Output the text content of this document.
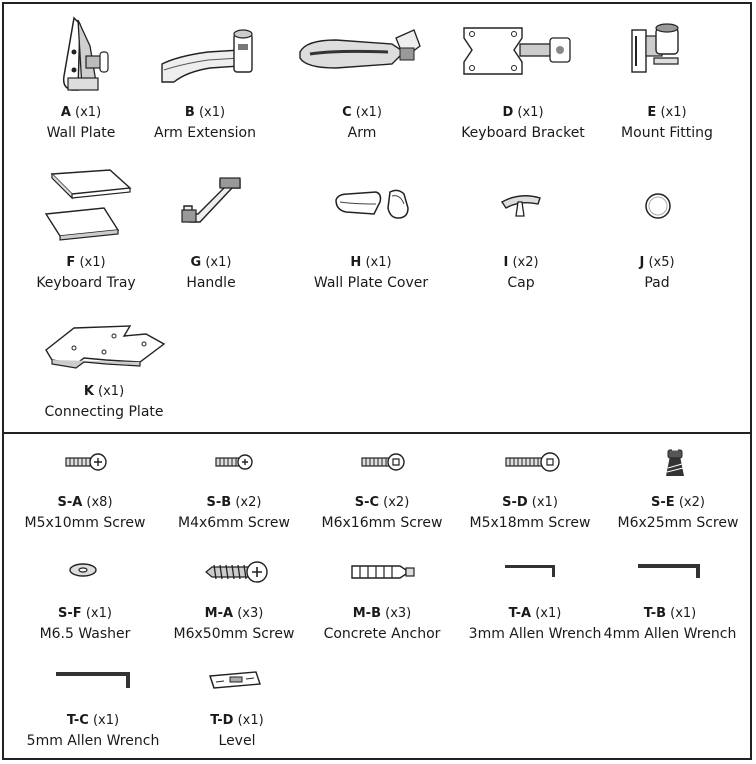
A (x1)
Wall Plate
B (x1)
Arm Extension
C (x1)
Arm
D (x1)
Keyboard Bracket
E (x1)
Mount Fitting
F (x1)
Keyboard Tray
G (x1)
Handle
H (x1)
Wall Plate Cover
I (x2)
Cap
J (x5)
Pad
K (x1)
Connecting Plate
S-A (x8)
M5x10mm Screw
S-B (x2)
M4x6mm Screw
S-C (x2)
M6x16mm Screw
S-D (x1)
M5x18mm Screw
S-E (x2)
M6x25mm Screw
S-F (x1)
M6.5 Washer
M-A (x3)
M6x50mm Screw
M-B (x3)
Concrete Anchor
T-A (x1)
3mm Allen Wrench
T-B (x1)
4mm Allen Wrench
T-C (x1)
5mm Allen Wrench
T-D (x1)
Level
